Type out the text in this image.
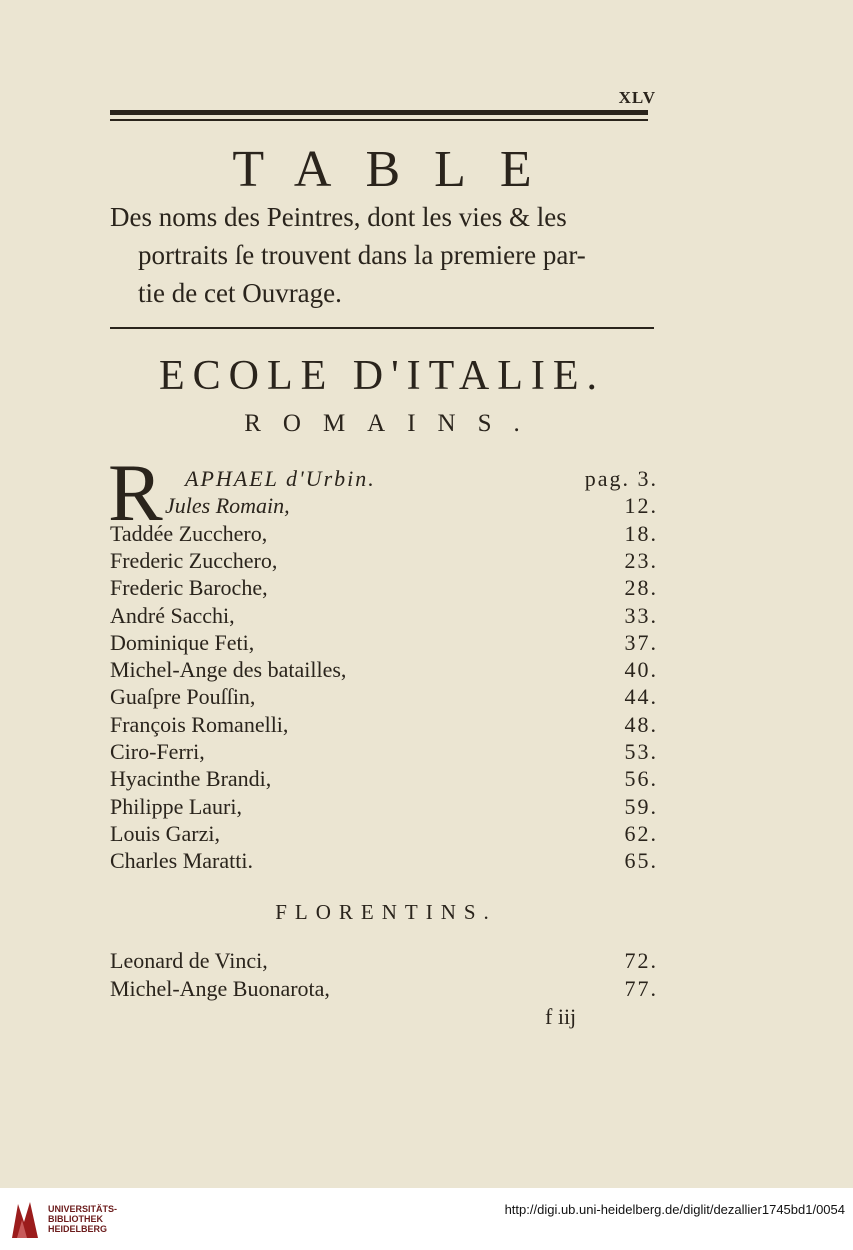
XLV
TABLE
Des noms des Peintres, dont les vies & les
portraits ſe trouvent dans la premiere par-
tie de cet Ouvrage.
ECOLE D'ITALIE.
ROMAINS.
R APHAEL d'Urbin.	pag. 3.
Jules Romain,	12.
Taddée Zucchero,	18.
Frederic Zucchero,	23.
Frederic Baroche,	28.
André Sacchi,	33.
Dominique Feti,	37.
Michel-Ange des batailles,	40.
Guaſpre Pouſſin,	44.
François Romanelli,	48.
Ciro-Ferri,	53.
Hyacinthe Brandi,	56.
Philippe Lauri,	59.
Louis Garzi,	62.
Charles Maratti.	65.
Leonard de Vinci,	72.
Michel-Ange Buonarota,	77.
FLORENTINS.
f iij
UNIVERSITÄTS-
BIBLIOTHEK
HEIDELBERG
http://digi.ub.uni-heidelberg.de/diglit/dezallier1745bd1/0054
